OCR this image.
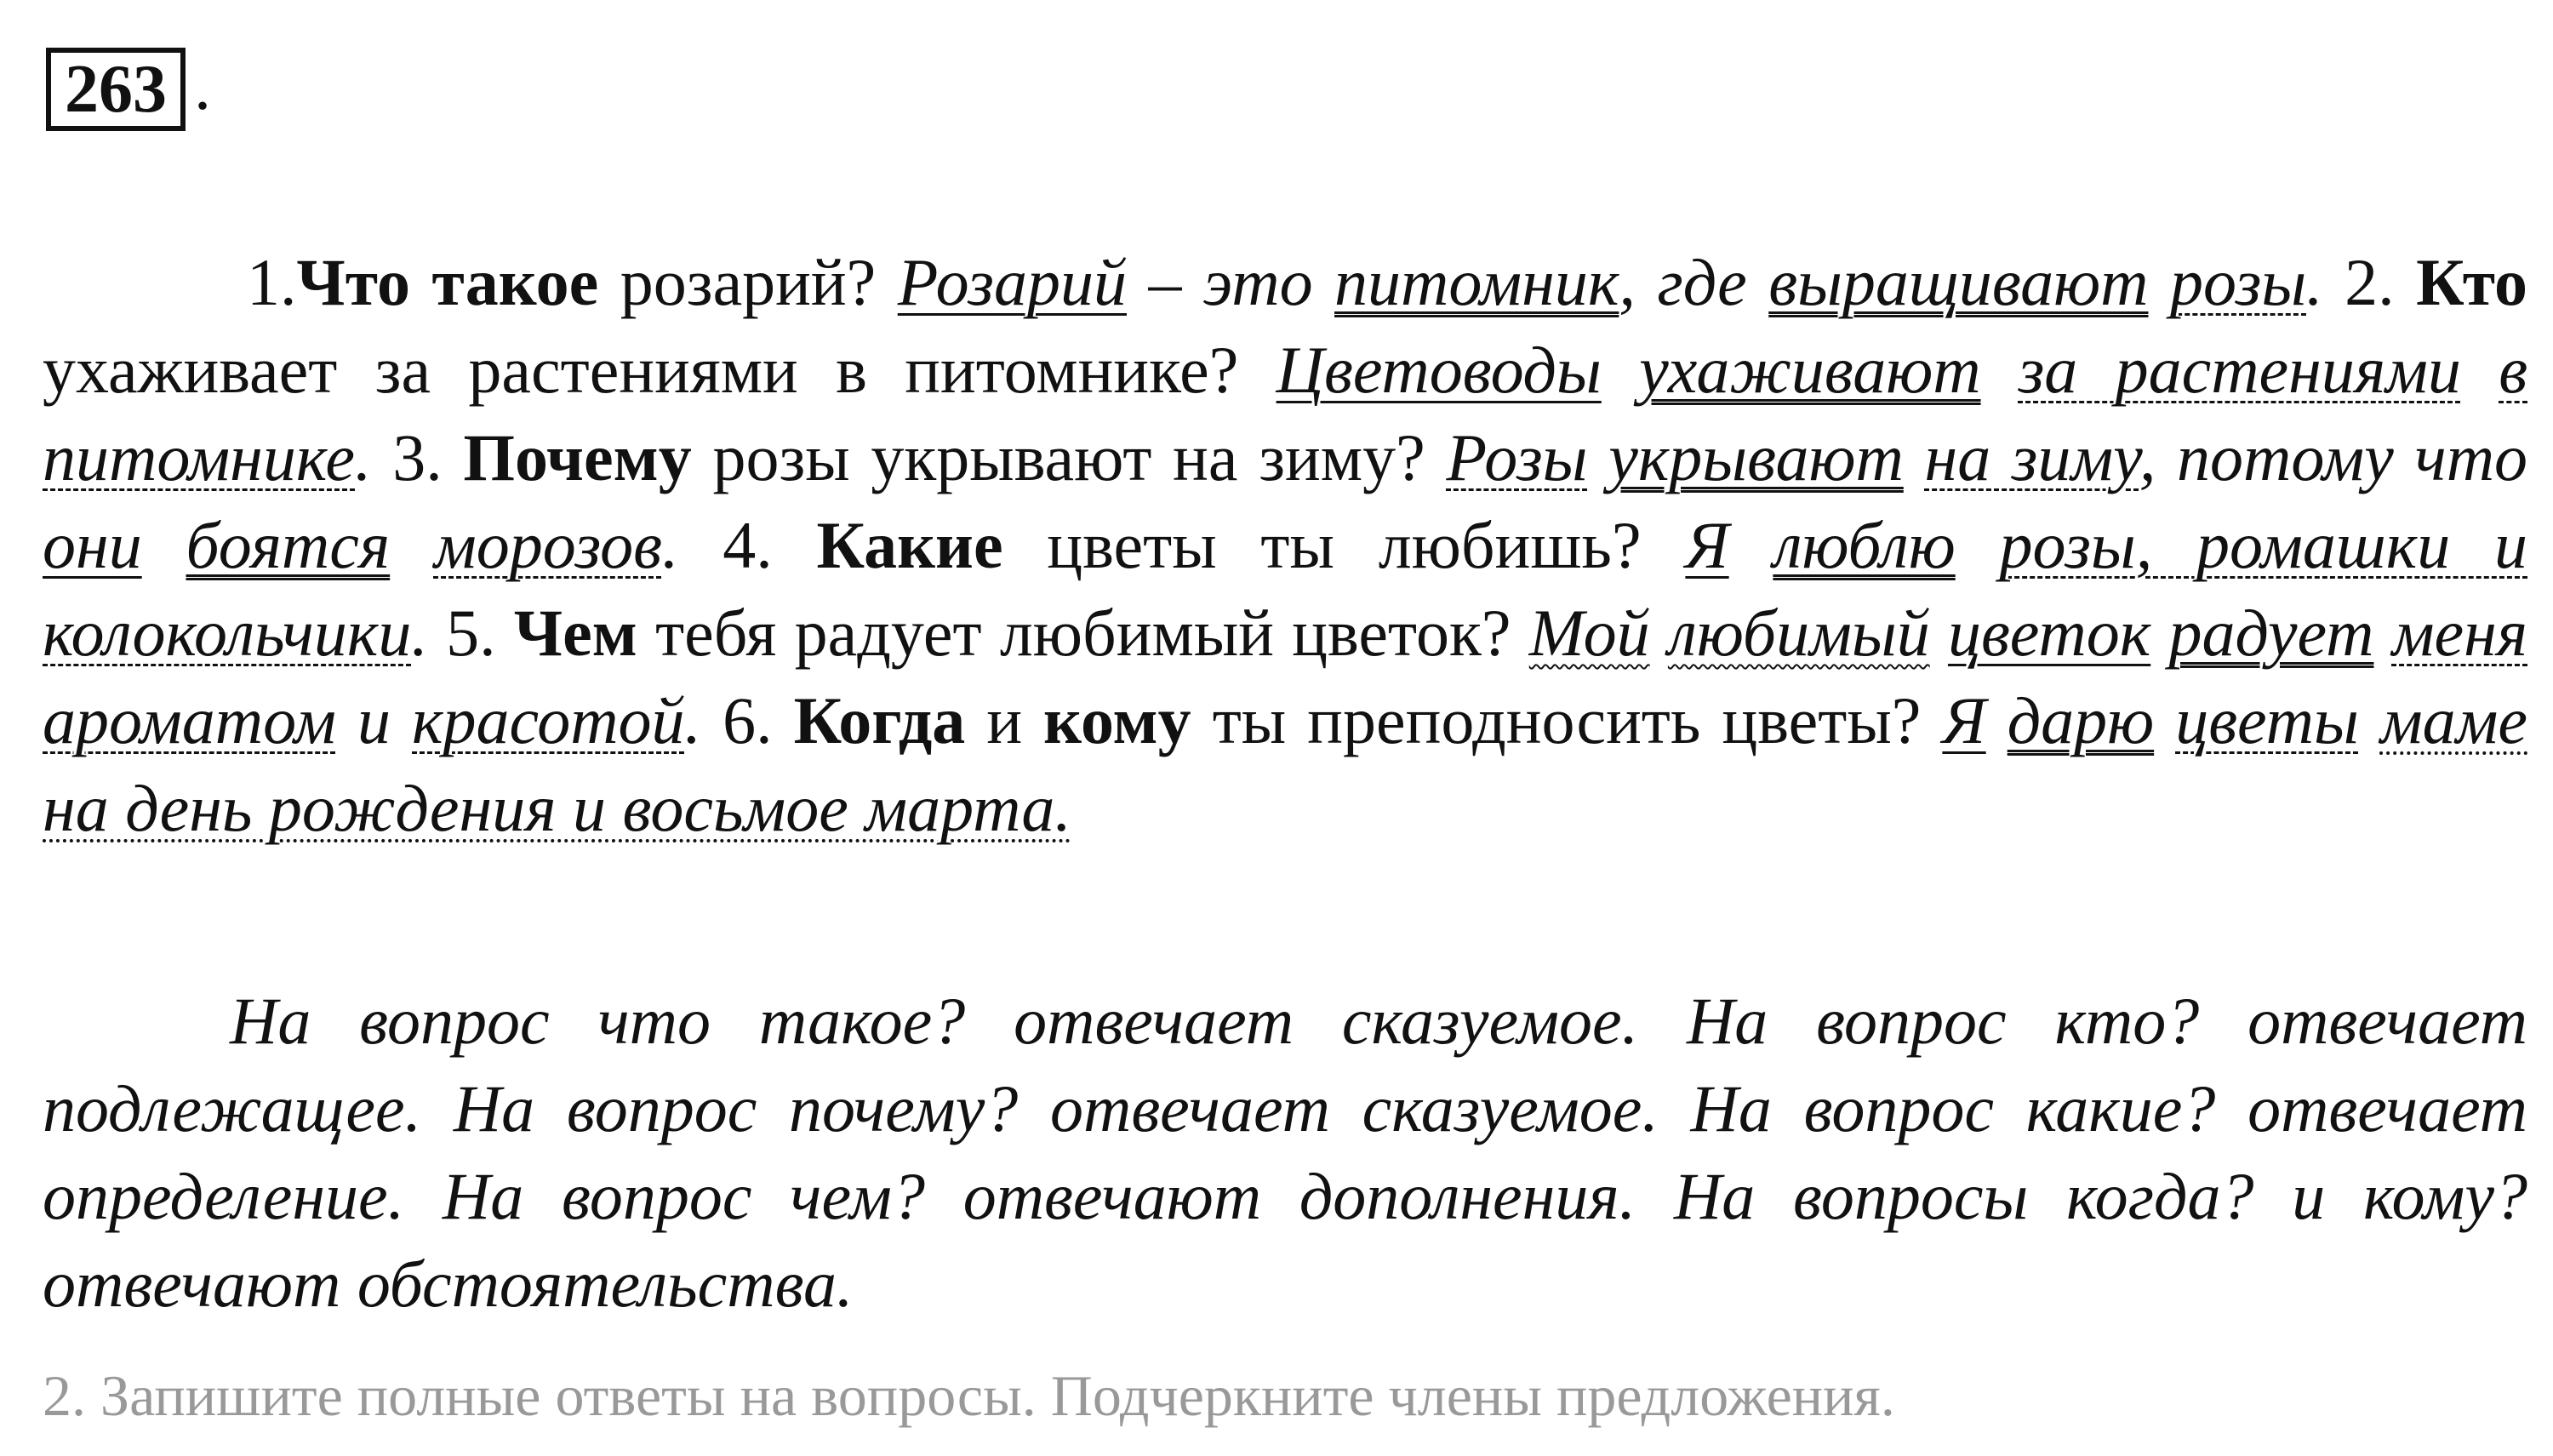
263 .

1.Что такое розарий? Розарий – это питомник, где выращивают розы. 2. Кто ухаживает за растениями в питомнике? Цветоводы ухаживают за растениями в питомнике. 3. Почему розы укрывают на зиму? Розы укрывают на зиму, потому что они боятся морозов. 4. Какие цветы ты любишь? Я люблю розы, ромашки и колокольчики. 5. Чем тебя радует любимый цветок? Мой любимый цветок радует меня ароматом и красотой. 6. Когда и кому ты преподносить цветы? Я дарю цветы маме на день рождения и восьмое марта.

На вопрос что такое? отвечает сказуемое. На вопрос кто? отвечает подлежащее. На вопрос почему? отвечает сказуемое. На вопрос какие? отвечает определение. На вопрос чем? отвечают дополнения. На вопросы когда? и кому? отвечают обстоятельства.

2. Запишите полные ответы на вопросы. Подчеркните члены предложения.
